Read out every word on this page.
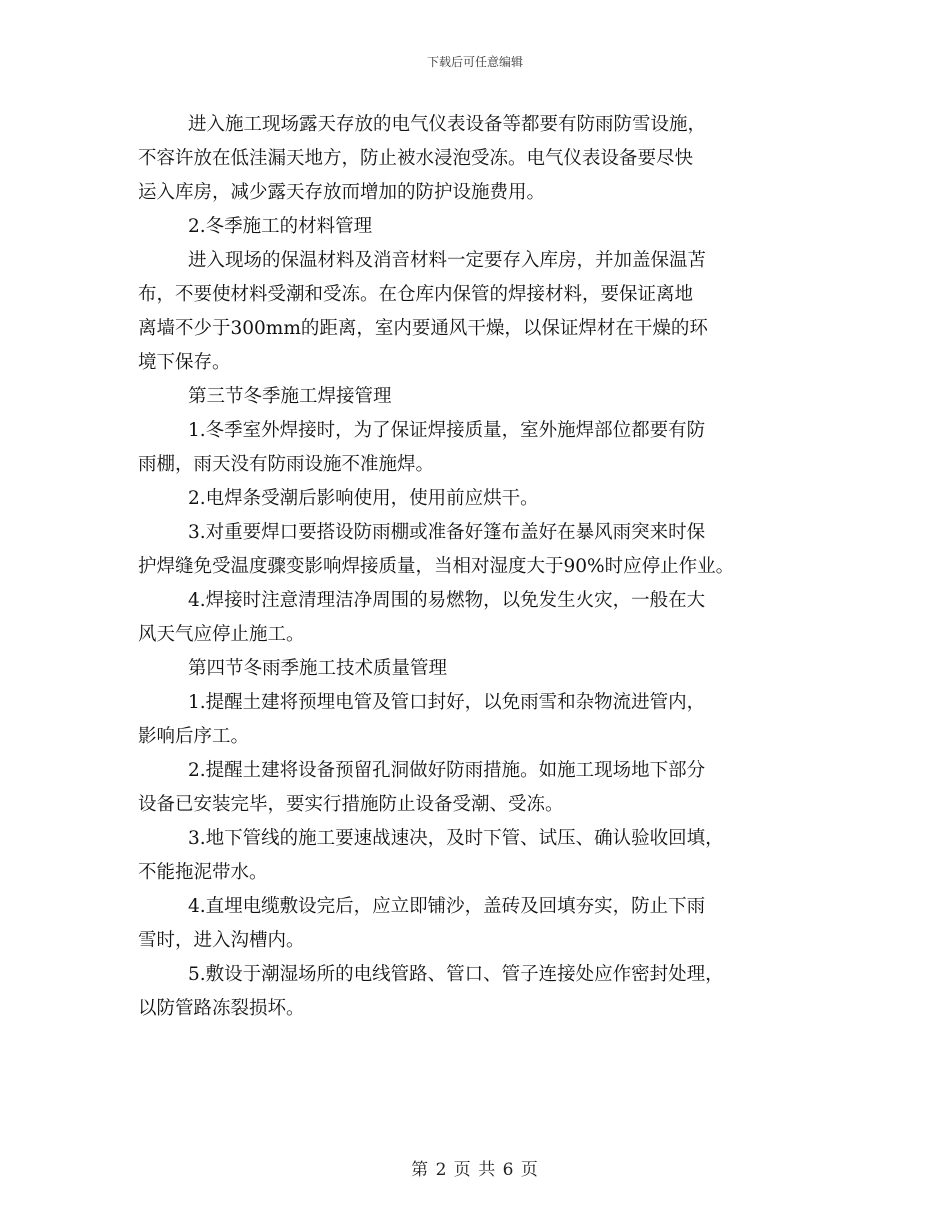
下载后可任意编辑
进入施工现场露天存放的电气仪表设备等都要有防雨防雪设施，
不容许放在低洼漏天地方，防止被水浸泡受冻。电气仪表设备要尽快
运入库房，减少露天存放而增加的防护设施费用。
2.冬季施工的材料管理
进入现场的保温材料及消音材料一定要存入库房，并加盖保温苫
布，不要使材料受潮和受冻。在仓库内保管的焊接材料，要保证离地
离墙不少于300mm的距离，室内要通风干燥，以保证焊材在干燥的环
境下保存。
第三节冬季施工焊接管理
1.冬季室外焊接时，为了保证焊接质量，室外施焊部位都要有防
雨棚，雨天没有防雨设施不准施焊。
2.电焊条受潮后影响使用，使用前应烘干。
3.对重要焊口要搭设防雨棚或准备好篷布盖好在暴风雨突来时保
护焊缝免受温度骤变影响焊接质量，当相对湿度大于90%时应停止作业。
4.焊接时注意清理洁净周围的易燃物，以免发生火灾，一般在大
风天气应停止施工。
第四节冬雨季施工技术质量管理
1.提醒土建将预埋电管及管口封好，以免雨雪和杂物流进管内，
影响后序工。
2.提醒土建将设备预留孔洞做好防雨措施。如施工现场地下部分
设备已安装完毕，要实行措施防止设备受潮、受冻。
3.地下管线的施工要速战速决，及时下管、试压、确认验收回填，
不能拖泥带水。
4.直埋电缆敷设完后，应立即铺沙，盖砖及回填夯实，防止下雨
雪时，进入沟槽内。
5.敷设于潮湿场所的电线管路、管口、管子连接处应作密封处理，
以防管路冻裂损坏。
第 2 页 共 6 页
